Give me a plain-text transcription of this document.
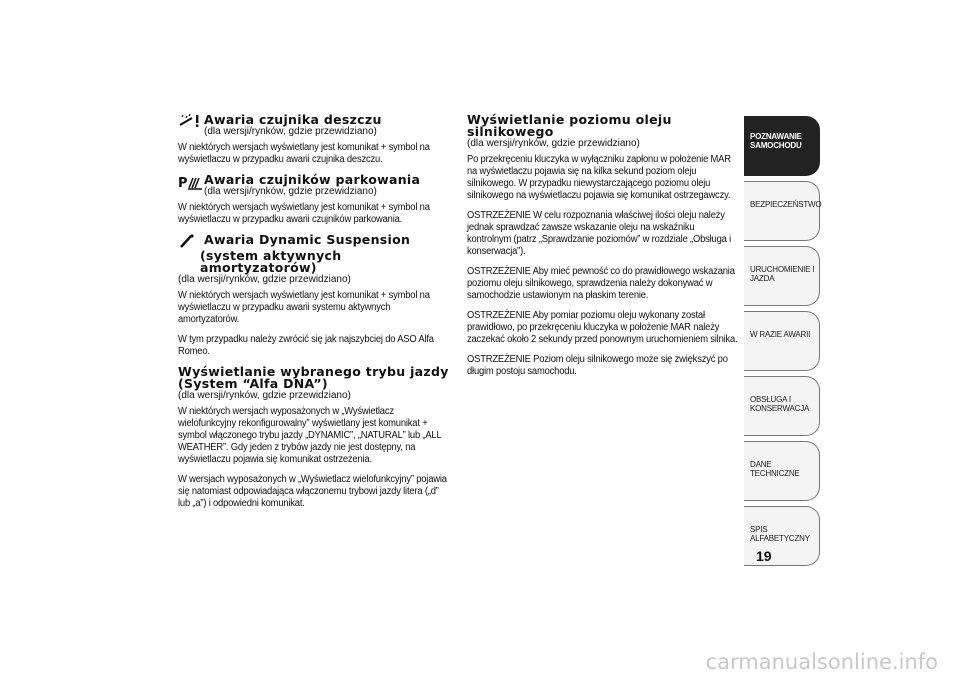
Awaria czujnika deszczu

(dla wersji/rynków, gdzie przewidziano)

W niektórych wersjach wyświetlany jest komunikat + symbol na wyświetlaczu w przypadku awarii czujnika deszczu.

P Awaria czujników parkowania

(dla wersji/rynków, gdzie przewidziano)

W niektórych wersjach wyświetlany jest komunikat + symbol na wyświetlaczu w przypadku awarii czujników parkowania.

Awaria Dynamic Suspension

(system aktywnych amortyzatorów)

(dla wersji/rynków, gdzie przewidziano)

W niektórych wersjach wyświetlany jest komunikat + symbol na wyświetlaczu w przypadku awarii systemu aktywnych amortyzatorów.

W tym przypadku należy zwrócić się jak najszybciej do ASO Alfa Romeo.

Wyświetlanie wybranego trybu jazdy

(System “Alfa DNA”)

(dla wersji/rynków, gdzie przewidziano)

W niektórych wersjach wyposażonych w „Wyświetlacz wielofunkcyjny rekonfigurowalny” wyświetlany jest komunikat + symbol włączonego trybu jazdy „DYNAMIC”, „NATURAL” lub „ALL WEATHER”. Gdy jeden z trybów jazdy nie jest dostępny, na wyświetlaczu pojawia się komunikat ostrzeżenia.

W wersjach wyposażonych w „Wyświetlacz wielofunkcyjny” pojawia się natomiast odpowiadająca włączonemu trybowi jazdy litera („d” lub „a”) i odpowiedni komunikat.

Wyświetlanie poziomu oleju

silnikowego

(dla wersji/rynków, gdzie przewidziano)

Po przekręceniu kluczyka w wyłączniku zapłonu w położenie MAR na wyświetlaczu pojawia się na kilka sekund poziom oleju silnikowego. W przypadku niewystarczającego poziomu oleju silnikowego na wyświetlaczu pojawia się komunikat ostrzegawczy.

OSTRZEŻENIE W celu rozpoznania właściwej ilości oleju należy jednak sprawdzać zawsze wskazanie oleju na wskaźniku kontrolnym (patrz „Sprawdzanie poziomów” w rozdziale „Obsługa i konserwacja”).

OSTRZEŻENIE Aby mieć pewność co do prawidłowego wskazania poziomu oleju silnikowego, sprawdzenia należy dokonywać w samochodzie ustawionym na płaskim terenie.

OSTRZEŻENIE Aby pomiar poziomu oleju wykonany został prawidłowo, po przekręceniu kluczyka w położenie MAR należy zaczekać około 2 sekundy przed ponownym uruchomieniem silnika.

OSTRZEŻENIE Poziom oleju silnikowego może się zwiększyć po długim postoju samochodu.

POZNAWANIE
SAMOCHODU
BEZPIECZEŃSTWO
URUCHOMIENIE I
JAZDA
W RAZIE AWARII
OBSŁUGA I
KONSERWACJA
DANE TECHNICZNE
SPIS ALFABETYCZNY
19
carmanualsonline.info
